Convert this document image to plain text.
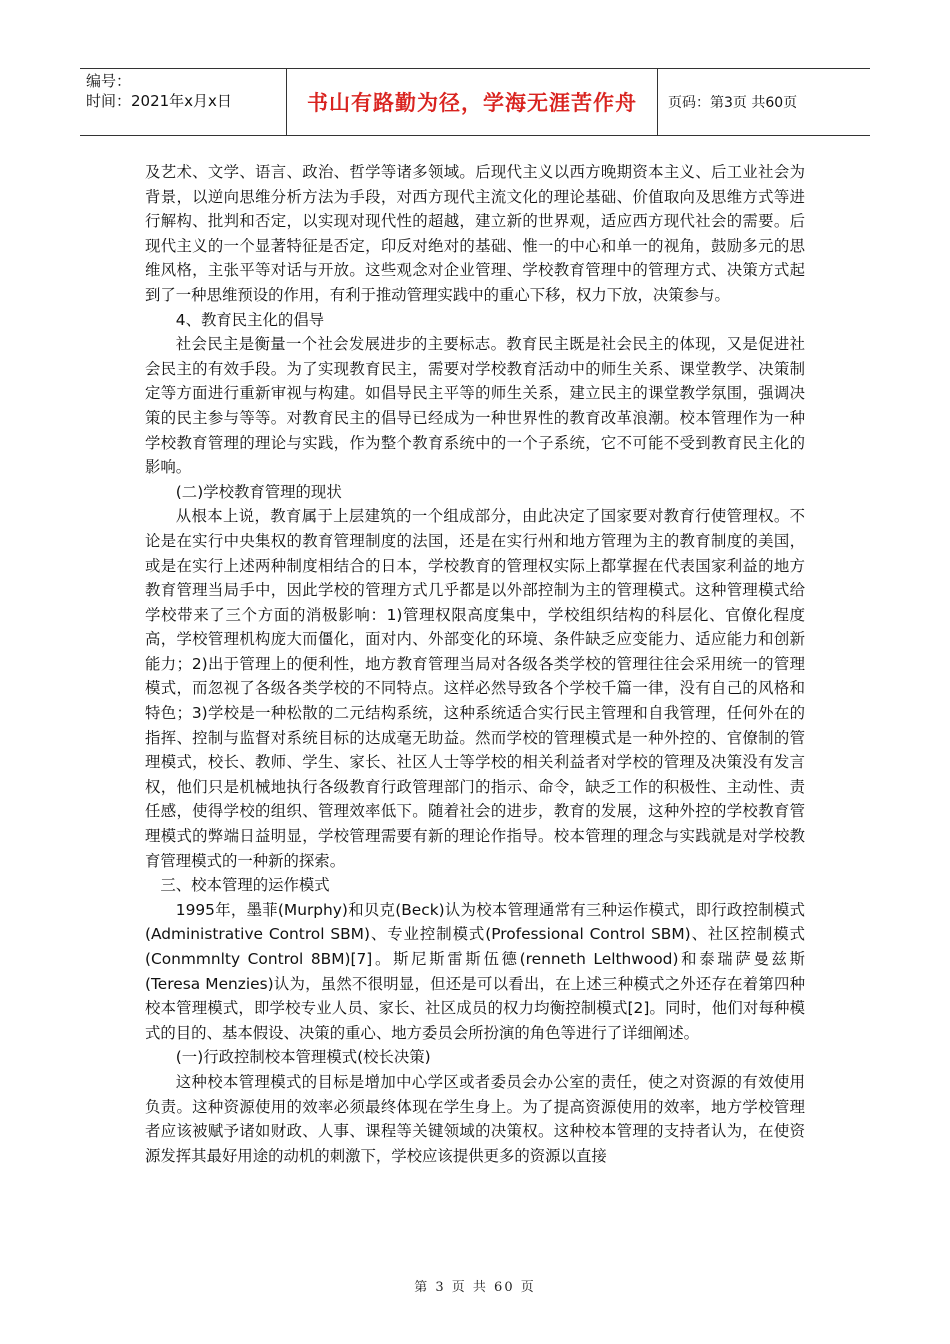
编号：
时间：2021年x月x日	书山有路勤为径，学海无涯苦作舟	页码：第3页 共60页

及艺术、文学、语言、政治、哲学等诸多领域。后现代主义以西方晚期资本主义、后工业社会为背景，以逆向思维分析方法为手段，对西方现代主流文化的理论基础、价值取向及思维方式等进行解构、批判和否定，以实现对现代性的超越，建立新的世界观，适应西方现代社会的需要。后现代主义的一个显著特征是否定，印反对绝对的基础、惟一的中心和单一的视角，鼓励多元的思维风格，主张平等对话与开放。这些观念对企业管理、学校教育管理中的管理方式、决策方式起到了一种思维预设的作用，有利于推动管理实践中的重心下移，权力下放，决策参与。

4、教育民主化的倡导

社会民主是衡量一个社会发展进步的主要标志。教育民主既是社会民主的体现，又是促进社会民主的有效手段。为了实现教育民主，需要对学校教育活动中的师生关系、课堂教学、决策制定等方面进行重新审视与构建。如倡导民主平等的师生关系，建立民主的课堂教学氛围，强调决策的民主参与等等。对教育民主的倡导已经成为一种世界性的教育改革浪潮。校本管理作为一种学校教育管理的理论与实践，作为整个教育系统中的一个子系统，它不可能不受到教育民主化的影响。

(二)学校教育管理的现状

从根本上说，教育属于上层建筑的一个组成部分，由此决定了国家要对教育行使管理权。不论是在实行中央集权的教育管理制度的法国，还是在实行州和地方管理为主的教育制度的美国，或是在实行上述两种制度相结合的日本，学校教育的管理权实际上都掌握在代表国家利益的地方教育管理当局手中，因此学校的管理方式几乎都是以外部控制为主的管理模式。这种管理模式给学校带来了三个方面的消极影响：1)管理权限高度集中，学校组织结构的科层化、官僚化程度高，学校管理机构庞大而僵化，面对内、外部变化的环境、条件缺乏应变能力、适应能力和创新能力；2)出于管理上的便利性，地方教育管理当局对各级各类学校的管理往往会采用统一的管理模式，而忽视了各级各类学校的不同特点。这样必然导致各个学校千篇一律，没有自己的风格和特色；3)学校是一种松散的二元结构系统，这种系统适合实行民主管理和自我管理，任何外在的指挥、控制与监督对系统目标的达成毫无助益。然而学校的管理模式是一种外控的、官僚制的管理模式，校长、教师、学生、家长、社区人士等学校的相关利益者对学校的管理及决策没有发言权，他们只是机械地执行各级教育行政管理部门的指示、命令，缺乏工作的积极性、主动性、责任感，使得学校的组织、管理效率低下。随着社会的进步，教育的发展，这种外控的学校教育管理模式的弊端日益明显，学校管理需要有新的理论作指导。校本管理的理念与实践就是对学校教育管理模式的一种新的探索。

三、校本管理的运作模式

1995年，墨菲(Murphy)和贝克(Beck)认为校本管理通常有三种运作模式，即行政控制模式(Administrative Control SBM)、专业控制模式(Professional Control SBM)、社区控制模式(Conmmnlty Control 8BM)[7]。斯尼斯雷斯伍德(renneth Lelthwood)和泰瑞萨曼兹斯(Teresa Menzies)认为，虽然不很明显，但还是可以看出，在上述三种模式之外还存在着第四种校本管理模式，即学校专业人员、家长、社区成员的权力均衡控制模式[2]。同时，他们对每种模式的目的、基本假设、决策的重心、地方委员会所扮演的角色等进行了详细阐述。

(一)行政控制校本管理模式(校长决策)

这种校本管理模式的目标是增加中心学区或者委员会办公室的责任，使之对资源的有效使用负责。这种资源使用的效率必须最终体现在学生身上。为了提高资源使用的效率，地方学校管理者应该被赋予诸如财政、人事、课程等关键领域的决策权。这种校本管理的支持者认为，在使资源发挥其最好用途的动机的刺激下，学校应该提供更多的资源以直接

第 3 页 共 60 页
